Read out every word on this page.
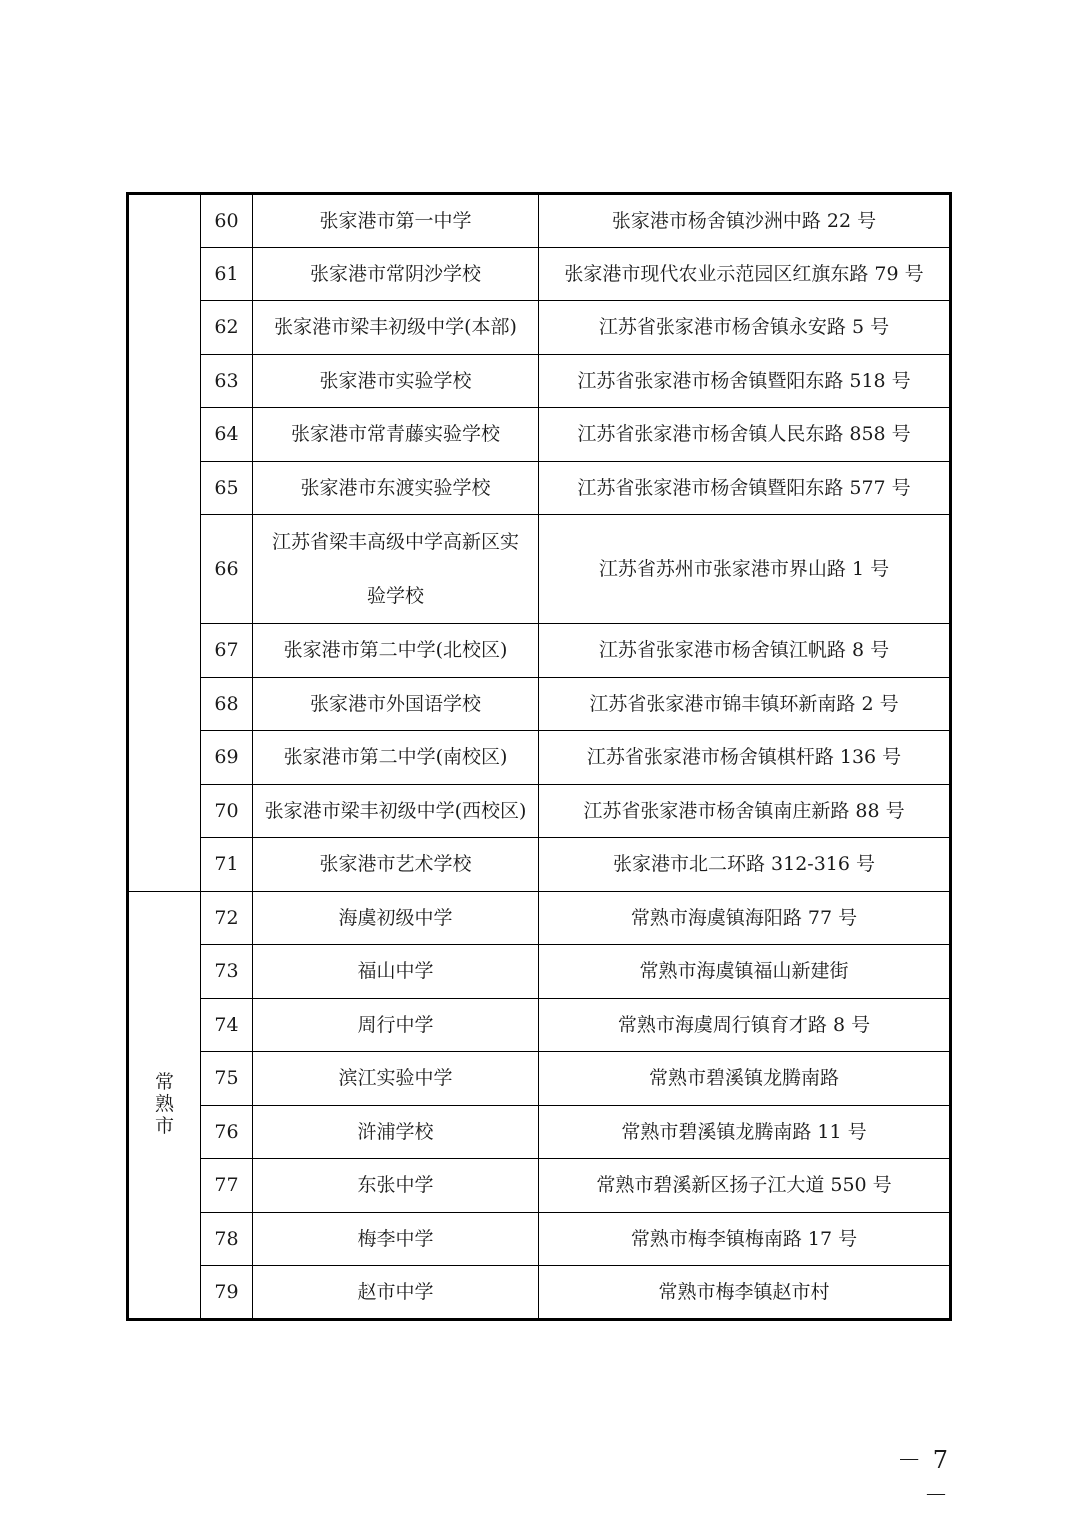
	60	张家港市第一中学	张家港市杨舍镇沙洲中路 22 号
	61	张家港市常阴沙学校	张家港市现代农业示范园区红旗东路 79 号
	62	张家港市梁丰初级中学(本部)	江苏省张家港市杨舍镇永安路 5 号
	63	张家港市实验学校	江苏省张家港市杨舍镇暨阳东路 518 号
	64	张家港市常青藤实验学校	江苏省张家港市杨舍镇人民东路 858 号
	65	张家港市东渡实验学校	江苏省张家港市杨舍镇暨阳东路 577 号
	66	江苏省梁丰高级中学高新区实验学校	江苏省苏州市张家港市界山路 1 号
	67	张家港市第二中学(北校区)	江苏省张家港市杨舍镇江帆路 8 号
	68	张家港市外国语学校	江苏省张家港市锦丰镇环新南路 2 号
	69	张家港市第二中学(南校区)	江苏省张家港市杨舍镇棋杆路 136 号
	70	张家港市梁丰初级中学(西校区)	江苏省张家港市杨舍镇南庄新路 88 号
	71	张家港市艺术学校	张家港市北二环路 312-316 号
常熟市	72	海虞初级中学	常熟市海虞镇海阳路 77 号
	73	福山中学	常熟市海虞镇福山新建街
	74	周行中学	常熟市海虞周行镇育才路 8 号
	75	滨江实验中学	常熟市碧溪镇龙腾南路
	76	浒浦学校	常熟市碧溪镇龙腾南路 11 号
	77	东张中学	常熟市碧溪新区扬子江大道 550 号
	78	梅李中学	常熟市梅李镇梅南路 17 号
	79	赵市中学	常熟市梅李镇赵市村
－ 7 －
